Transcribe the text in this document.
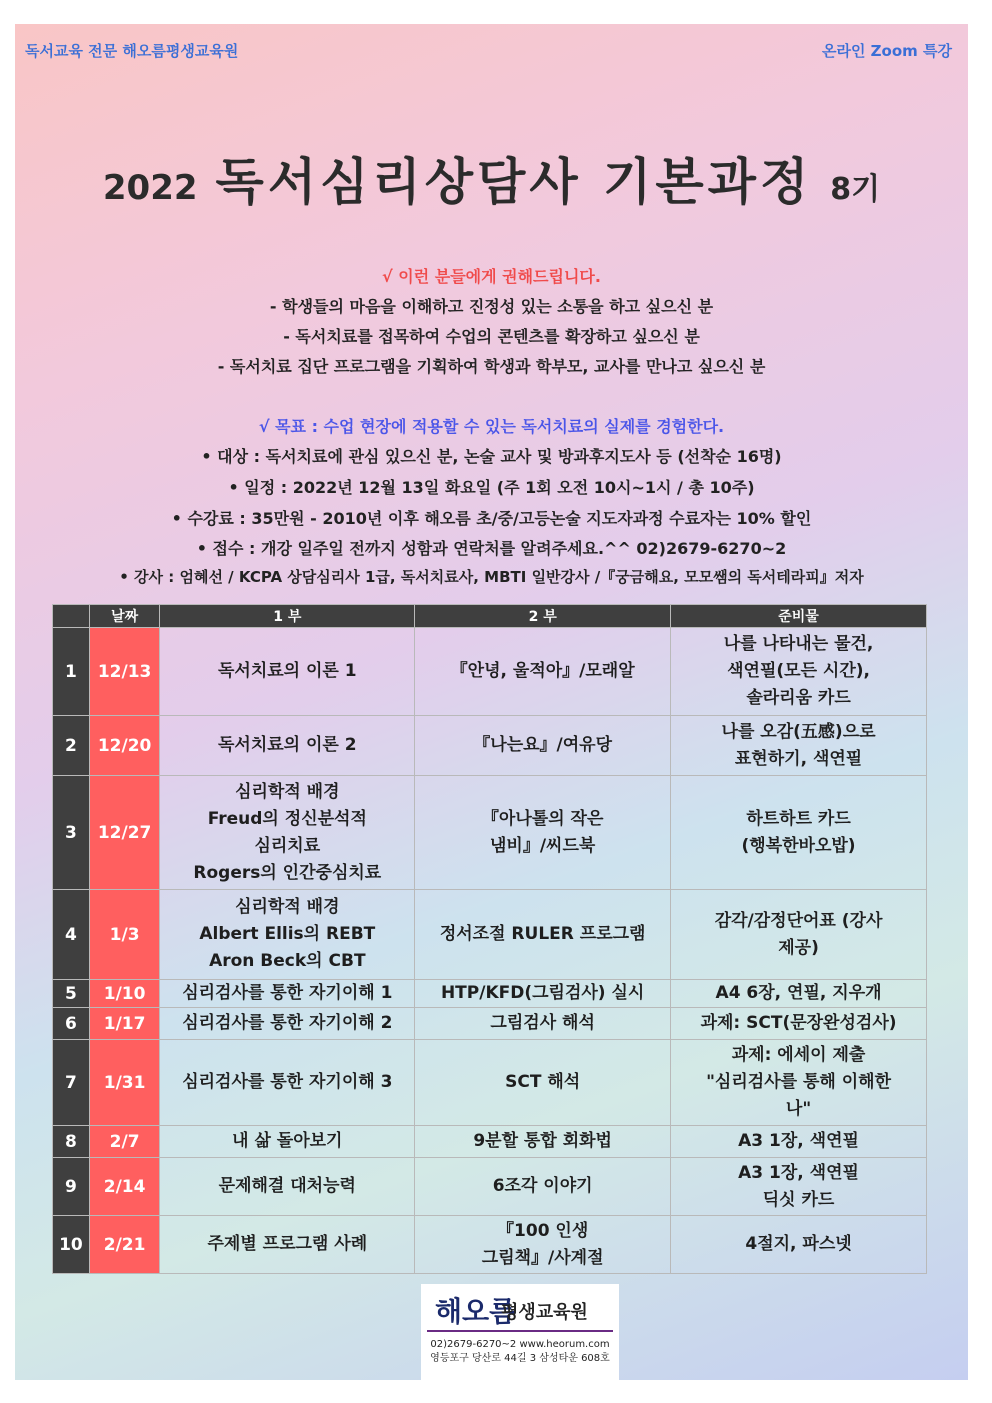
독서교육 전문 해오름평생교육원	온라인 Zoom 특강
2022 독서심리상담사 기본과정 8기
√ 이런 분들에게 권해드립니다.
- 학생들의 마음을 이해하고 진정성 있는 소통을 하고 싶으신 분
- 독서치료를 접목하여 수업의 콘텐츠를 확장하고 싶으신 분
- 독서치료 집단 프로그램을 기획하여 학생과 학부모, 교사를 만나고 싶으신 분
√ 목표 : 수업 현장에 적용할 수 있는 독서치료의 실제를 경험한다.
• 대상 : 독서치료에 관심 있으신 분, 논술 교사 및 방과후지도사 등 (선착순 16명)
• 일정 : 2022년 12월 13일 화요일 (주 1회 오전 10시~1시 / 총 10주)
• 수강료 : 35만원 - 2010년 이후 해오름 초/중/고등논술 지도자과정 수료자는 10% 할인
• 접수 : 개강 일주일 전까지 성함과 연락처를 알려주세요.^^ 02)2679-6270~2
• 강사 : 엄혜선 / KCPA 상담심리사 1급, 독서치료사, MBTI 일반강사 /『궁금해요, 모모쌤의 독서테라피』저자
	날짜	1 부	2 부	준비물
1	12/13	독서치료의 이론 1	『안녕, 울적아』/모래알	나를 나타내는 물건,
색연필(모든 시간),
솔라리움 카드

2	12/20	독서치료의 이론 2	『나는요』/여유당	나를 오감(五感)으로
표현하기, 색연필

3	12/27	심리학적 배경
Freud의 정신분석적
심리치료
Rogers의 인간중심치료	『아나톨의 작은
냄비』/씨드북	하트하트 카드
(행복한바오밥)

4	1/3	심리학적 배경
Albert Ellis의 REBT
Aron Beck의 CBT	정서조절 RULER 프로그램	감각/감정단어표 (강사
제공)

5	1/10	심리검사를 통한 자기이해 1	HTP/KFD(그림검사) 실시	A4 6장, 연필, 지우개

6	1/17	심리검사를 통한 자기이해 2	그림검사 해석	과제: SCT(문장완성검사)

7	1/31	심리검사를 통한 자기이해 3	SCT 해석	과제: 에세이 제출
"심리검사를 통해 이해한
나"

8	2/7	내 삶 돌아보기	9분할 통합 회화법	A3 1장, 색연필

9	2/14	문제해결 대처능력	6조각 이야기	A3 1장, 색연필
딕싯 카드

10	2/21	주제별 프로그램 사례	『100 인생
그림책』/사계절	4절지, 파스넷
해오름
평생교육원
02)2679-6270~2 www.heorum.com
영등포구 당산로 44길 3 삼성타운 608호
